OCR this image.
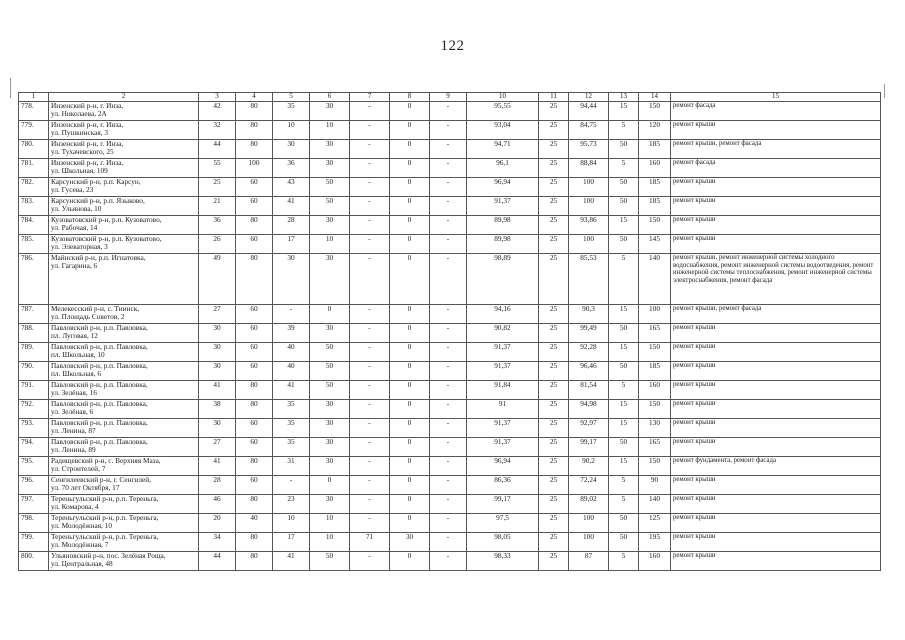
122
1	2	3	4	5	6	7	8	9	10	11	12	13	14	15
778.	Инзенский р-н, г. Инза,
ул. Николаева, 2А	42	80	35	30	-	0	-	95,55	25	94,44	15	150	ремонт фасада
779.	Инзенский р-н, г. Инза,
ул. Пушкинская, 3	32	80	10	10	-	0	-	93,04	25	84,75	5	120	ремонт крыши
780.	Инзенский р-н, г. Инза,
ул. Тухачевского, 25	44	80	30	30	-	0	-	94,71	25	95,73	50	185	ремонт крыши, ремонт фасада
781.	Инзенский р-н, г. Инза,
ул. Школьная, 109	55	100	36	30	-	0	-	96,1	25	88,84	5	160	ремонт фасада
782.	Карсунский р-н, р.п. Карсун,
ул. Гусева, 23	25	60	43	50	-	0	-	96,94	25	100	50	185	ремонт крыши
783.	Карсунский р-н, р.п. Языково,
ул. Ульянова, 10	21	60	41	50	-	0	-	91,37	25	100	50	185	ремонт крыши
784.	Кузоватовский р-н, р.п. Кузоватово,
ул. Рабочая, 14	36	80	28	30	-	0	-	89,98	25	93,86	15	150	ремонт крыши
785.	Кузоватовский р-н, р.п. Кузоватово,
ул. Элеваторная, 3	26	60	17	10	-	0	-	89,98	25	100	50	145	ремонт крыши
786.	Майнский р-н, р.п. Игнатовка,
ул. Гагарина, 6	49	80	30	30	-	0	-	98,89	25	85,53	5	140	ремонт крыши, ремонт инженерной системы холодного водоснабжения, ремонт инженерной системы водоотведения, ремонт инженерной системы теплоснабжения, ремонт инженерной системы электроснабжения, ремонт фасада
787.	Мелекесский р-н, с. Тиинск,
ул. Площадь Советов, 2	27	60	-	0	-	0	-	94,16	25	90,3	15	100	ремонт крыши, ремонт фасада
788.	Павловский р-н, р.п. Павловка,
пл. Луговая, 12	30	60	39	30	-	0	-	90,82	25	99,49	50	165	ремонт крыши
789.	Павловский р-н, р.п. Павловка,
пл. Школьная, 10	30	60	40	50	-	0	-	91,37	25	92,28	15	150	ремонт крыши
790.	Павловский р-н, р.п. Павловка,
пл. Школьная, 6	30	60	40	50	-	0	-	91,37	25	96,46	50	185	ремонт крыши
791.	Павловский р-н, р.п. Павловка,
ул. Зелёная, 16	41	80	41	50	-	0	-	91,84	25	81,54	5	160	ремонт крыши
792.	Павловский р-н, р.п. Павловка,
ул. Зелёная, 6	38	80	35	30	-	0	-	91	25	94,98	15	150	ремонт крыши
793.	Павловский р-н, р.п. Павловка,
ул. Ленина, 87	30	60	35	30	-	0	-	91,37	25	92,97	15	130	ремонт крыши
794.	Павловский р-н, р.п. Павловка,
ул. Ленина, 89	27	60	35	30	-	0	-	91,37	25	99,17	50	165	ремонт крыши
795.	Радищевский р-н, с. Верхняя Маза,
ул. Строителей, 7	41	80	31	30	-	0	-	96,94	25	90,2	15	150	ремонт фундамента, ремонт фасада
796.	Сенгилеевский р-н, г. Сенгилей,
ул. 70 лет Октября, 17	28	60	-	0	-	0	-	86,36	25	72,24	5	90	ремонт крыши
797.	Тереньгульский р-н, р.п. Тереньга,
ул. Комарова, 4	46	80	23	30	-	0	-	99,17	25	89,02	5	140	ремонт крыши
798.	Тереньгульский р-н, р.п. Тереньга,
ул. Молодёжная, 10	20	40	10	10	-	0	-	97,5	25	100	50	125	ремонт крыши
799.	Тереньгульский р-н, р.п. Тереньга,
ул. Молодёжная, 7	34	80	17	10	71	30	-	98,05	25	100	50	195	ремонт крыши
800.	Ульяновский р-н, пос. Зелёная Роща,
ул. Центральная, 48	44	80	41	50	-	0	-	98,33	25	87	5	160	ремонт крыши
